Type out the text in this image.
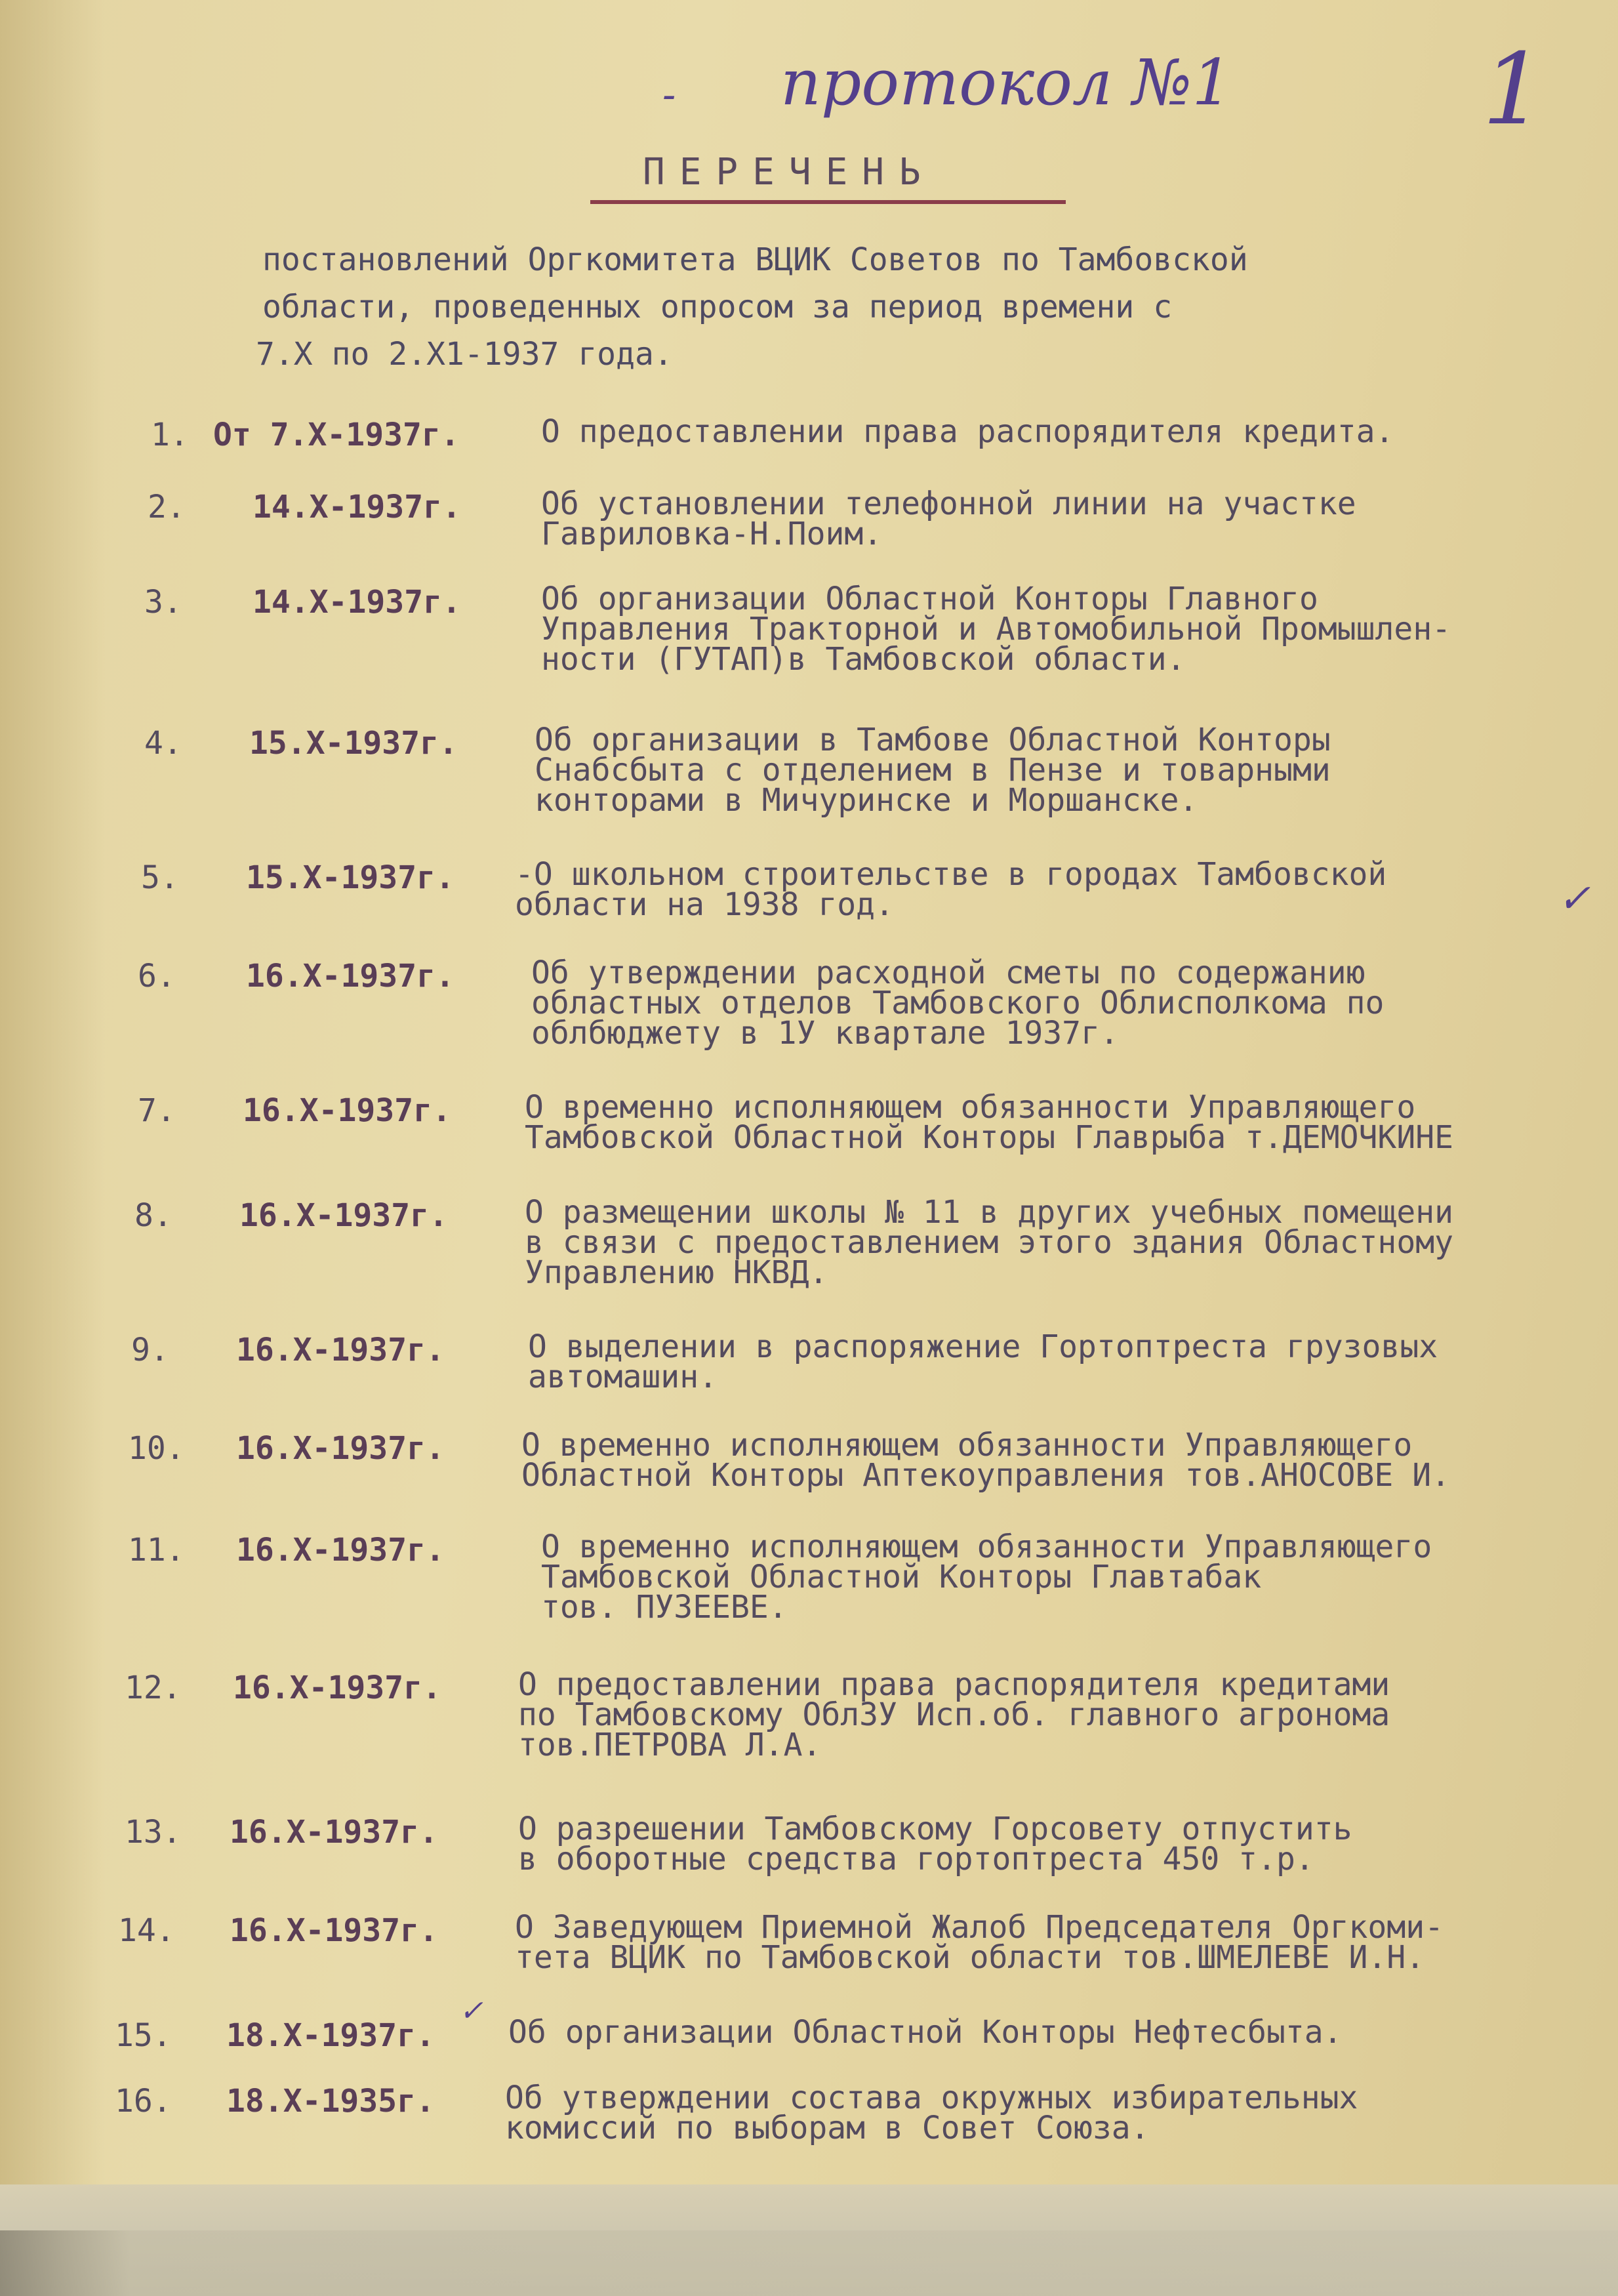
- протокол №1	1
ПЕРЕЧЕНЬ
постановлений Оргкомитета ВЦИК Советов по Тамбовской
области, проведенных опросом за период времени с
7.Х по 2.Х1-1937 года.
1. От 7.Х-1937г.	О предоставлении права распорядителя кредита.
2. 14.Х-1937г.	Об установлении телефонной линии на участке
Гавриловка-Н.Поим.
3. 14.Х-1937г.	Об организации Областной Конторы Главного
Управления Тракторной и Автомобильной Промышлен-
ности (ГУТАП)в Тамбовской области.
4. 15.Х-1937г. Об организации в Тамбове Областной Конторы
Снабсбыта с отделением в Пензе и товарными
конторами в Мичуринске и Моршанске.
5. 15.Х-1937г. -О школьном строительстве в городах Тамбовской
области на 1938 год.
6. 16.Х-1937г. Об утверждении расходной сметы по содержанию
областных отделов Тамбовского Облисполкома по
облбюджету в 1У квартале 1937г.
7. 16.Х-1937г. О временно исполняющем обязанности Управляющего
Тамбовской Областной Конторы Главрыба т.ДЕМОЧКИНЕ
8. 16.Х-1937г. О размещении школы № 11 в других учебных помещени
в связи с предоставлением этого здания Областному
Управлению НКВД.
9. 16.Х-1937г.	О выделении в распоряжение Гортоптреста грузовых
автомашин.
10. 16.Х-1937г. О временно исполняющем обязанности Управляющего
Областной Конторы Аптекоуправления тов.АНОСОВЕ И.
11. 16.Х-1937г.	О временно исполняющем обязанности Управляющего
Тамбовской Областной Конторы Главтабак
тов. ПУЗЕЕВЕ.
12. 16.Х-1937г. О предоставлении права распорядителя кредитами
по Тамбовскому ОблЗУ Исп.об. главного агронома
тов.ПЕТРОВА Л.А.
13. 16.Х-1937г.	О разрешении Тамбовскому Горсовету отпустить
в оборотные средства гортоптреста 450 т.р.
14. 16.Х-1937г. О Заведующем Приемной Жалоб Председателя Оргкоми-
тета ВЦИК по Тамбовской области тов.ШМЕЛЕВЕ И.Н.
15. 18.Х-1937г. Об организации Областной Конторы Нефтесбыта.
16. 18.Х-1935г. Об утверждении состава окружных избирательных
комиссий по выборам в Совет Союза.
✓
✓
